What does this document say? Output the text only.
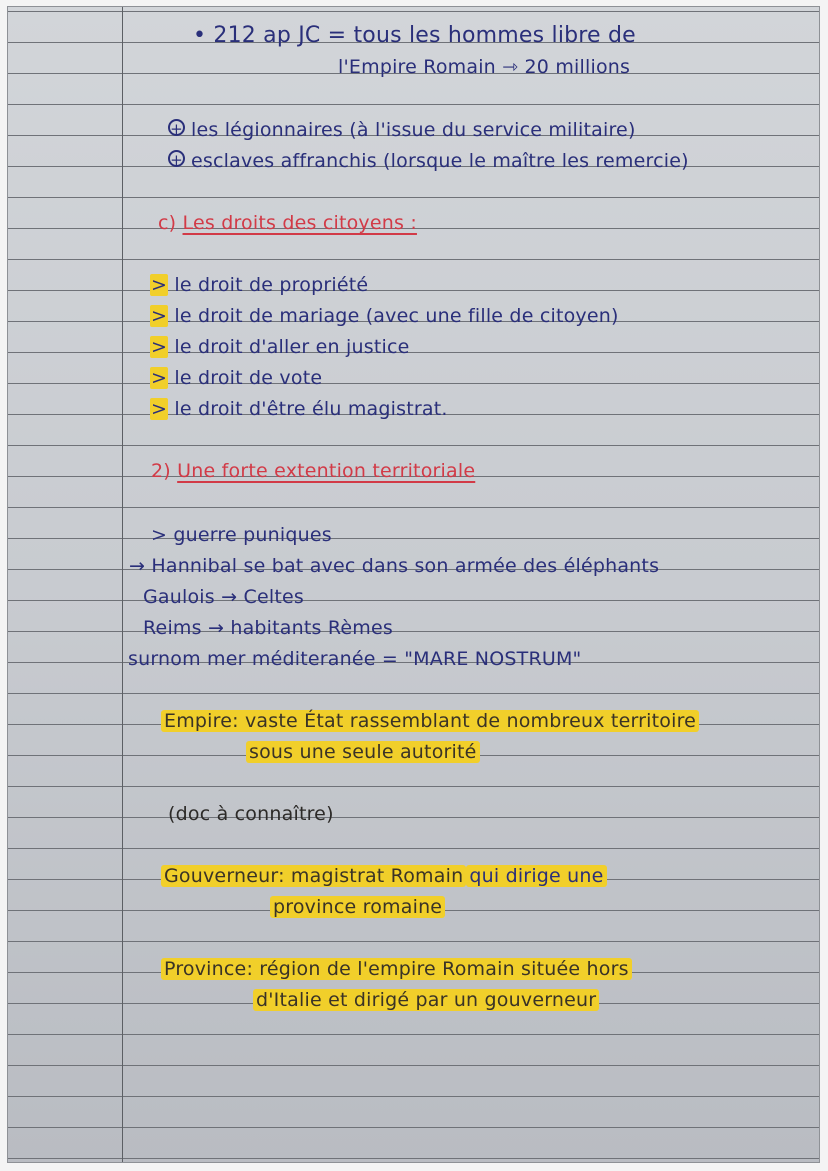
• 212 ap JC = tous les hommes libre de
l'Empire Romain ⇾ 20 millions
+ les légionnaires (à l'issue du service militaire)
+ esclaves affranchis (lorsque le maître les remercie)
c) Les droits des citoyens :
> le droit de propriété
> le droit de mariage (avec une fille de citoyen)
> le droit d'aller en justice
> le droit de vote
> le droit d'être élu magistrat.
2) Une forte extention territoriale
> guerre puniques
→ Hannibal se bat avec dans son armée des éléphants
Gaulois → Celtes
Reims → habitants Rèmes
surnom mer méditeranée = "MARE NOSTRUM"
Empire: vaste État rassemblant de nombreux territoire
sous une seule autorité
(doc à connaître)
Gouverneur: magistrat Romain qui dirige une
province romaine
Province: région de l'empire Romain située hors
d'Italie et dirigé par un gouverneur
